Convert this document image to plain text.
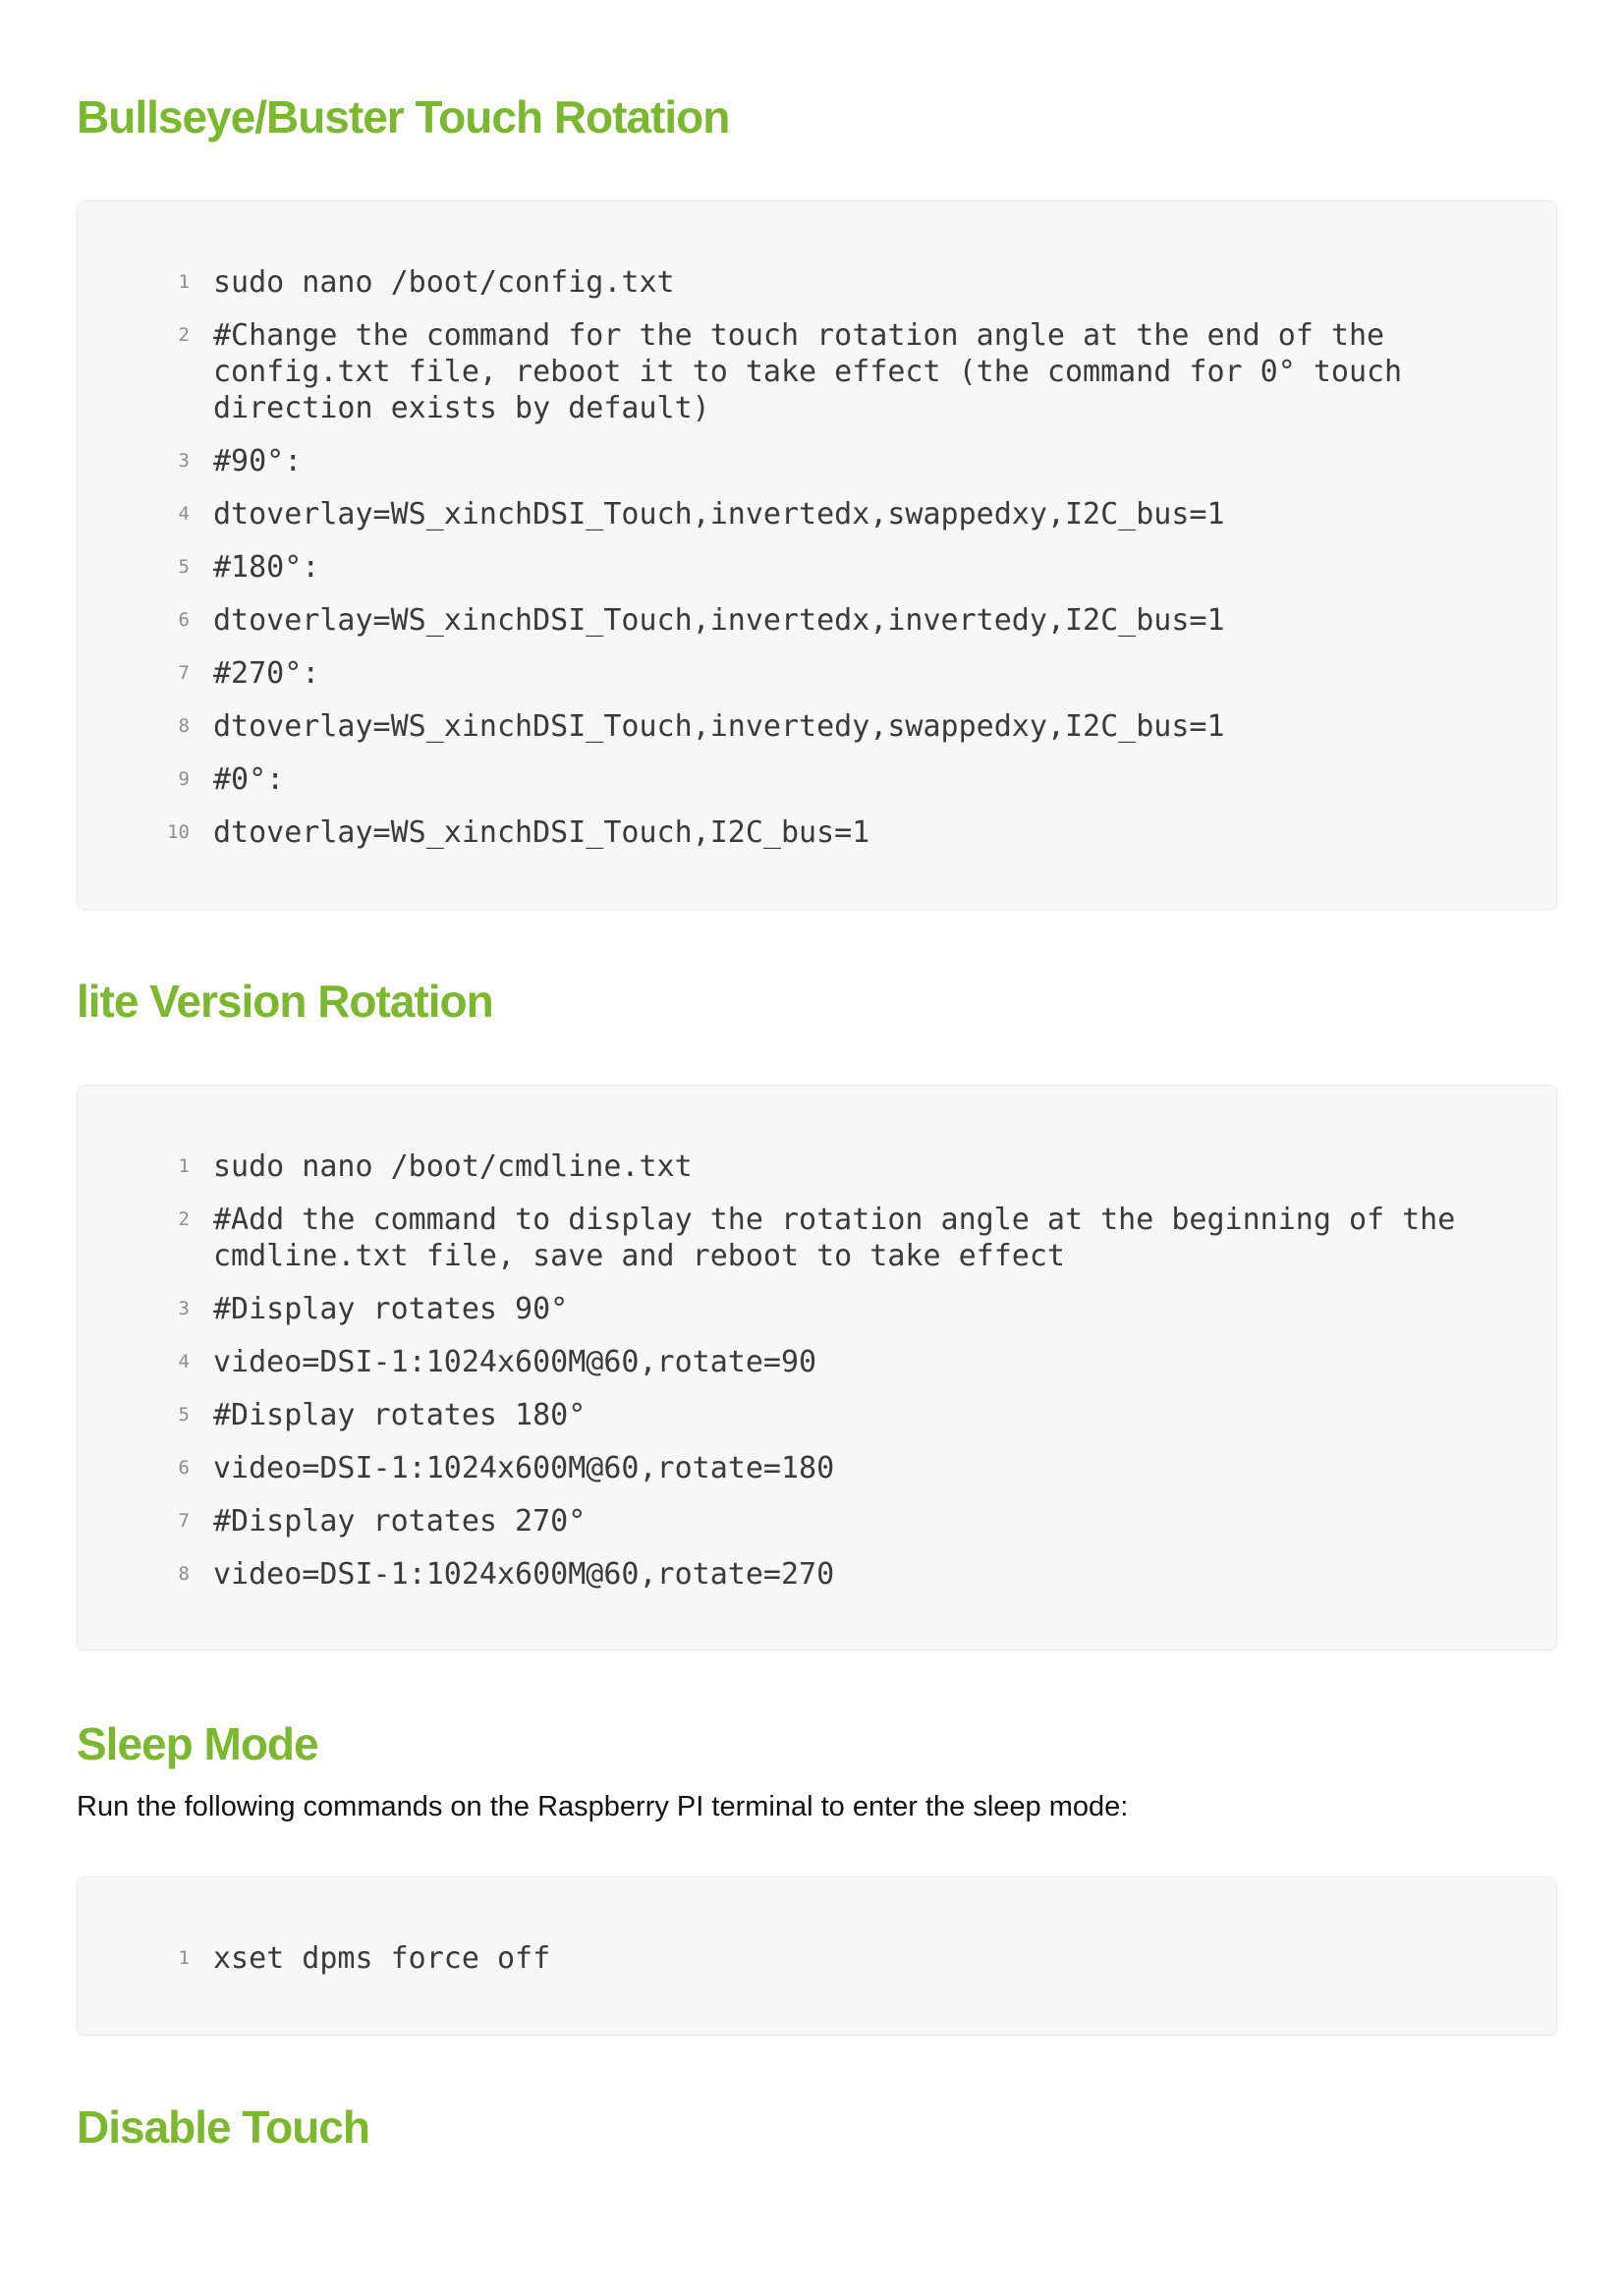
Bullseye/Buster Touch Rotation
1 sudo nano /boot/config.txt
2 #Change the command for the touch rotation angle at the end of the config.txt file, reboot it to take effect (the command for 0° touch direction exists by default)
3 #90°:
4 dtoverlay=WS_xinchDSI_Touch,invertedx,swappedxy,I2C_bus=1
5 #180°:
6 dtoverlay=WS_xinchDSI_Touch,invertedx,invertedy,I2C_bus=1
7 #270°:
8 dtoverlay=WS_xinchDSI_Touch,invertedy,swappedxy,I2C_bus=1
9 #0°:
10 dtoverlay=WS_xinchDSI_Touch,I2C_bus=1
lite Version Rotation
1 sudo nano /boot/cmdline.txt
2 #Add the command to display the rotation angle at the beginning of the cmdline.txt file, save and reboot to take effect
3 #Display rotates 90°
4 video=DSI-1:1024x600M@60,rotate=90
5 #Display rotates 180°
6 video=DSI-1:1024x600M@60,rotate=180
7 #Display rotates 270°
8 video=DSI-1:1024x600M@60,rotate=270
Sleep Mode

Run the following commands on the Raspberry PI terminal to enter the sleep mode:

1 xset dpms force off
Disable Touch
